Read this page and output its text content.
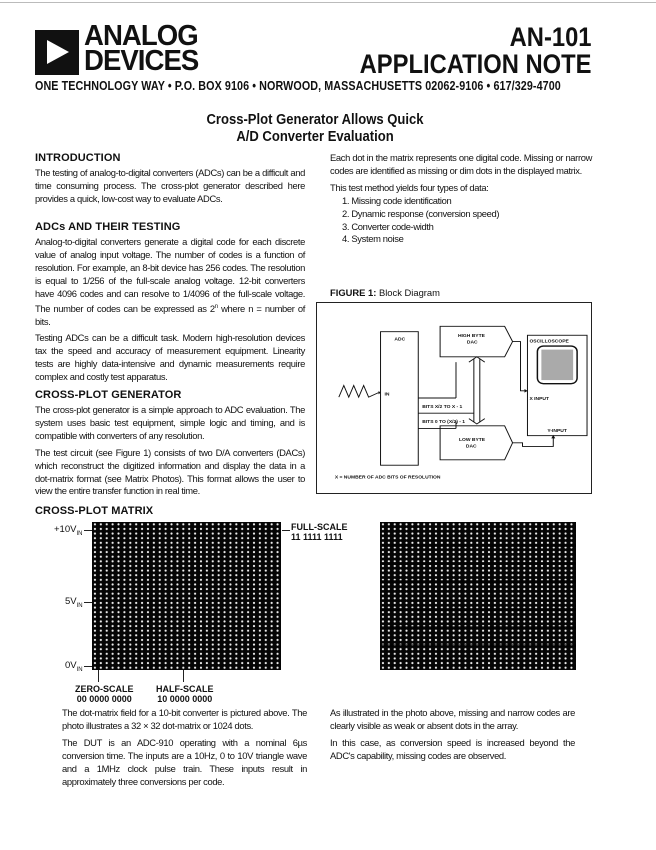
ANALOG
DEVICES
AN-101
APPLICATION NOTE
ONE TECHNOLOGY WAY • P.O. BOX 9106 • NORWOOD, MASSACHUSETTS 02062-9106 • 617/329-4700
Cross-Plot Generator Allows Quick
A/D Converter Evaluation
INTRODUCTION

The testing of analog-to-digital converters (ADCs) can be a difficult and time consuming process. The cross-plot generator described here provides a quick, low-cost way to evaluate ADCs.

ADCs AND THEIR TESTING

Analog-to-digital converters generate a digital code for each discrete value of analog input voltage. The number of codes is a function of resolution. For example, an 8-bit device has 256 codes. The resolution is equal to 1/256 of the full-scale analog voltage. 12-bit converters have 4096 codes and can resolve to 1/4096 of the full-scale voltage. The number of codes can be expressed as 2$^n$ where n = number of bits.

Testing ADCs can be a difficult task. Modern high-resolution devices tax the speed and accuracy of measurement equipment. Linearity tests are highly data-intensive and dynamic measurements require complex and costly test apparatus.

CROSS-PLOT GENERATOR

The cross-plot generator is a simple approach to ADC evaluation. The system uses basic test equipment, simple logic and timing, and is compatible with converters of any resolution.

The test circuit (see Figure 1) consists of two D/A converters (DACs) which reconstruct the digitized information and display the data in a dot-matrix format (see Matrix Photos). This format allows the user to view the entire transfer function in real time.

Each dot in the matrix represents one digital code. Missing or narrow codes are identified as missing or dim dots in the displayed matrix.

This test method yields four types of data:

1. Missing code identification
2. Dynamic response (conversion speed)
3. Converter code-width
4. System noise
FIGURE 1: Block Diagram
ADC
IN
HIGH BYTE
DAC
LOW BYTE
DAC
OSCILLOSCOPE
X INPUT
Y-INPUT
BITS X/2 TO X - 1
BITS 0 TO (X/2) - 1
X = NUMBER OF ADC BITS OF RESOLUTION
CROSS-PLOT MATRIX
$+10V_{IN}$
$5V_{IN}$
$0V_{IN}$
FULL-SCALE
11 1111 1111
ZERO-SCALE
00 0000 0000
HALF-SCALE
10 0000 0000

The dot-matrix field for a 10-bit converter is pictured above. The photo illustrates a 32 × 32 dot-matrix or 1024 dots.

The DUT is an ADC-910 operating with a nominal 6µs conversion time. The inputs are a 10Hz, 0 to 10V triangle wave and a 1MHz clock pulse train. These inputs result in approximately three conversions per code.

As illustrated in the photo above, missing and narrow codes are clearly visible as weak or absent dots in the array.

In this case, as conversion speed is increased beyond the ADC's capability, missing codes are observed.
